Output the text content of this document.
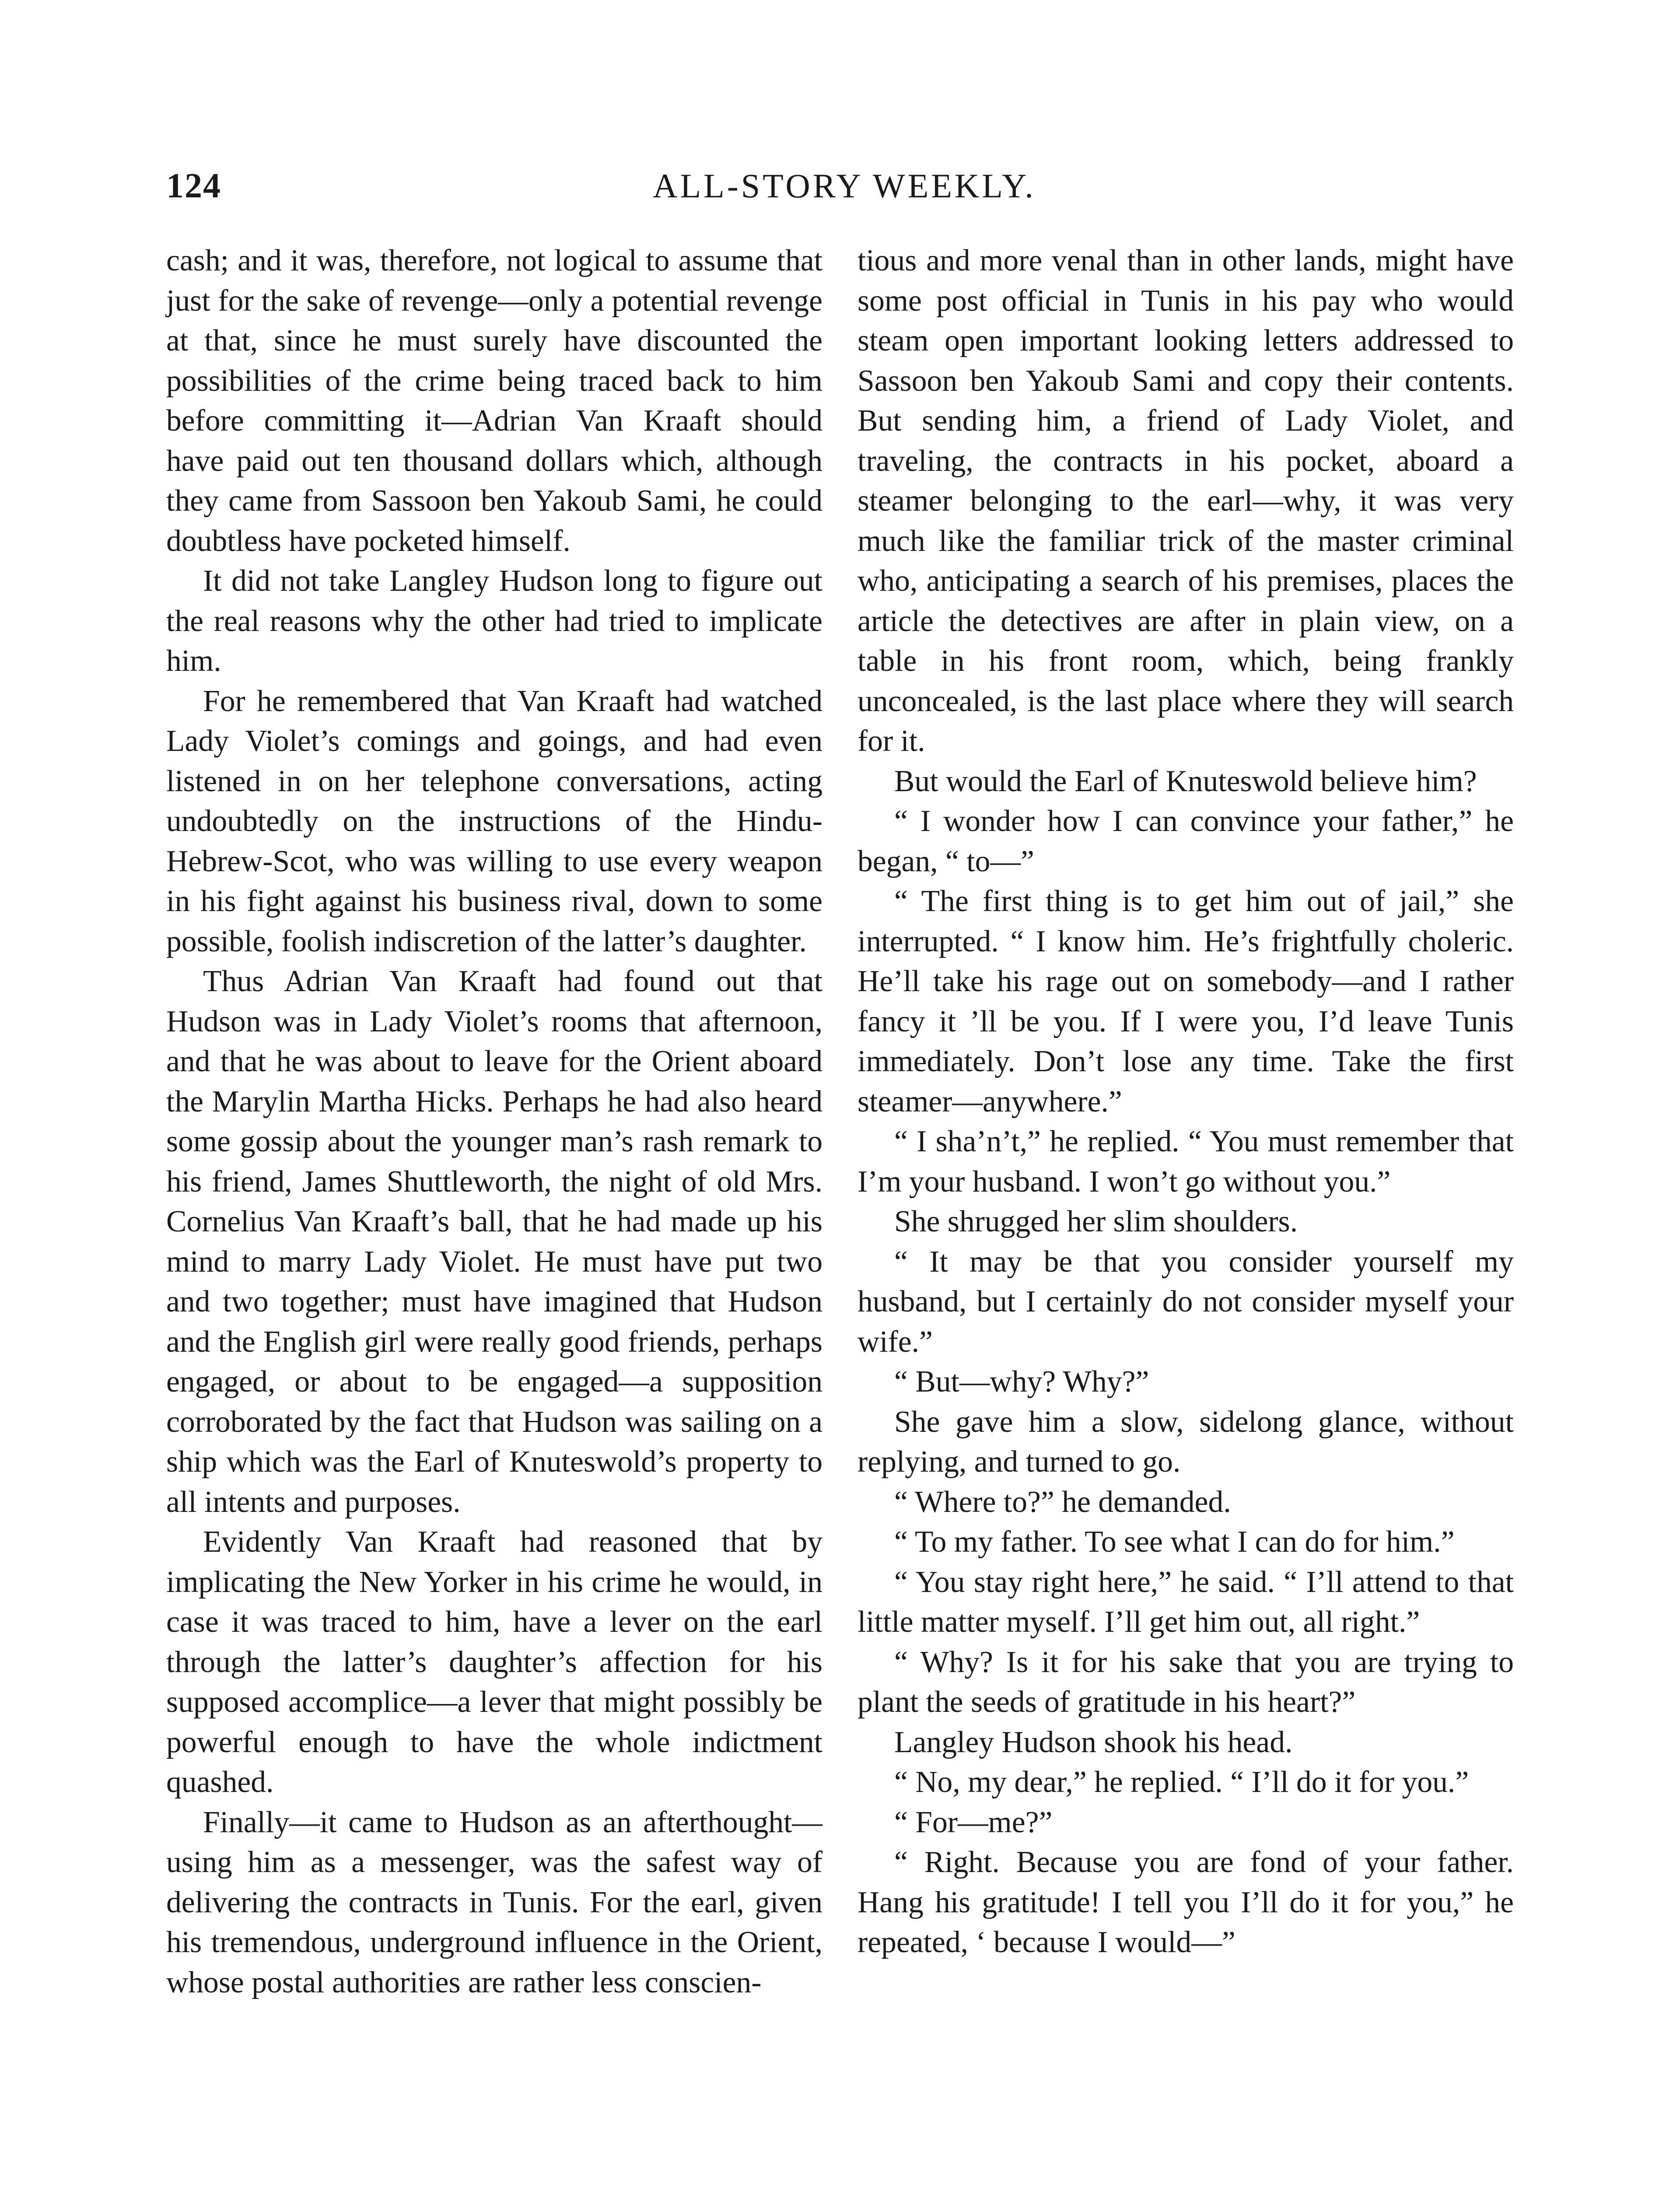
124	ALL-STORY WEEKLY.

cash; and it was, therefore, not logical to assume that just for the sake of revenge—only a potential revenge at that, since he must surely have discounted the possibilities of the crime being traced back to him before committing it—Adrian Van Kraaft should have paid out ten thousand dollars which, although they came from Sassoon ben Yakoub Sami, he could doubtless have pocketed himself.

It did not take Langley Hudson long to figure out the real reasons why the other had tried to implicate him.

For he remembered that Van Kraaft had watched Lady Violet’s comings and goings, and had even listened in on her telephone conversations, acting undoubtedly on the instructions of the Hindu-Hebrew-Scot, who was willing to use every weapon in his fight against his business rival, down to some possible, foolish indiscretion of the latter’s daughter.

Thus Adrian Van Kraaft had found out that Hudson was in Lady Violet’s rooms that afternoon, and that he was about to leave for the Orient aboard the Marylin Martha Hicks. Perhaps he had also heard some gossip about the younger man’s rash remark to his friend, James Shuttleworth, the night of old Mrs. Cornelius Van Kraaft’s ball, that he had made up his mind to marry Lady Violet. He must have put two and two together; must have imagined that Hudson and the English girl were really good friends, perhaps engaged, or about to be engaged—a supposition corroborated by the fact that Hudson was sailing on a ship which was the Earl of Knuteswold’s property to all intents and purposes.

Evidently Van Kraaft had reasoned that by implicating the New Yorker in his crime he would, in case it was traced to him, have a lever on the earl through the latter’s daughter’s affection for his supposed accomplice—a lever that might possibly be powerful enough to have the whole indictment quashed.

Finally—it came to Hudson as an afterthought—using him as a messenger, was the safest way of delivering the contracts in Tunis. For the earl, given his tremendous, underground influence in the Orient, whose postal authorities are rather less conscien-

tious and more venal than in other lands, might have some post official in Tunis in his pay who would steam open important looking letters addressed to Sassoon ben Yakoub Sami and copy their contents. But sending him, a friend of Lady Violet, and traveling, the contracts in his pocket, aboard a steamer belonging to the earl—why, it was very much like the familiar trick of the master criminal who, anticipating a search of his premises, places the article the detectives are after in plain view, on a table in his front room, which, being frankly unconcealed, is the last place where they will search for it.

But would the Earl of Knuteswold believe him?

“ I wonder how I can convince your father,” he began, “ to—”

“ The first thing is to get him out of jail,” she interrupted. “ I know him. He’s frightfully choleric. He’ll take his rage out on somebody—and I rather fancy it ’ll be you. If I were you, I’d leave Tunis immediately. Don’t lose any time. Take the first steamer—anywhere.”

“ I sha’n’t,” he replied. “ You must remember that I’m your husband. I won’t go without you.”

She shrugged her slim shoulders.

“ It may be that you consider yourself my husband, but I certainly do not consider myself your wife.”

“ But—why? Why?”

She gave him a slow, sidelong glance, without replying, and turned to go.

“ Where to?” he demanded.

“ To my father. To see what I can do for him.”

“ You stay right here,” he said. “ I’ll attend to that little matter myself. I’ll get him out, all right.”

“ Why? Is it for his sake that you are trying to plant the seeds of gratitude in his heart?”

Langley Hudson shook his head.

“ No, my dear,” he replied. “ I’ll do it for you.”

“ For—me?”

“ Right. Because you are fond of your father. Hang his gratitude! I tell you I’ll do it for you,” he repeated, ‘ because I would—”
